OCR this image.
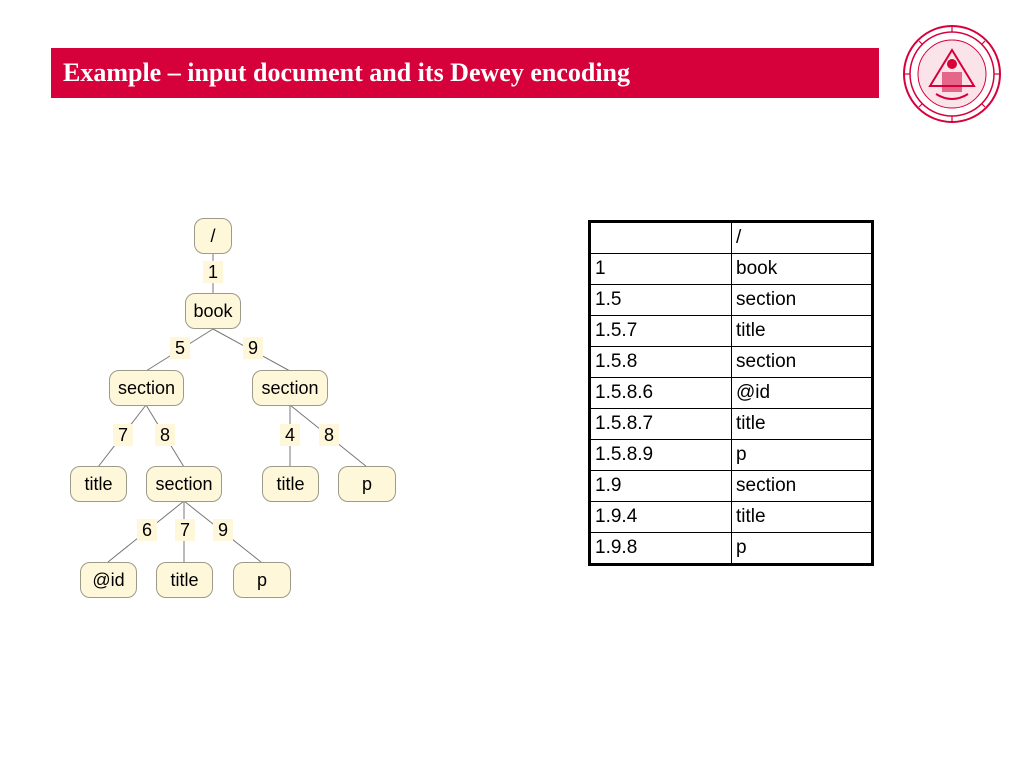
Example – input document and its Dewey encoding
/
book
section	section
title	section	title	p
@id	title	p
1
5	9
7 8	4 8
6 7 9
	/
1	book
1.5	section
1.5.7	title
1.5.8	section
1.5.8.6	@id
1.5.8.7	title
1.5.8.9	p
1.9	section
1.9.4	title
1.9.8	p
